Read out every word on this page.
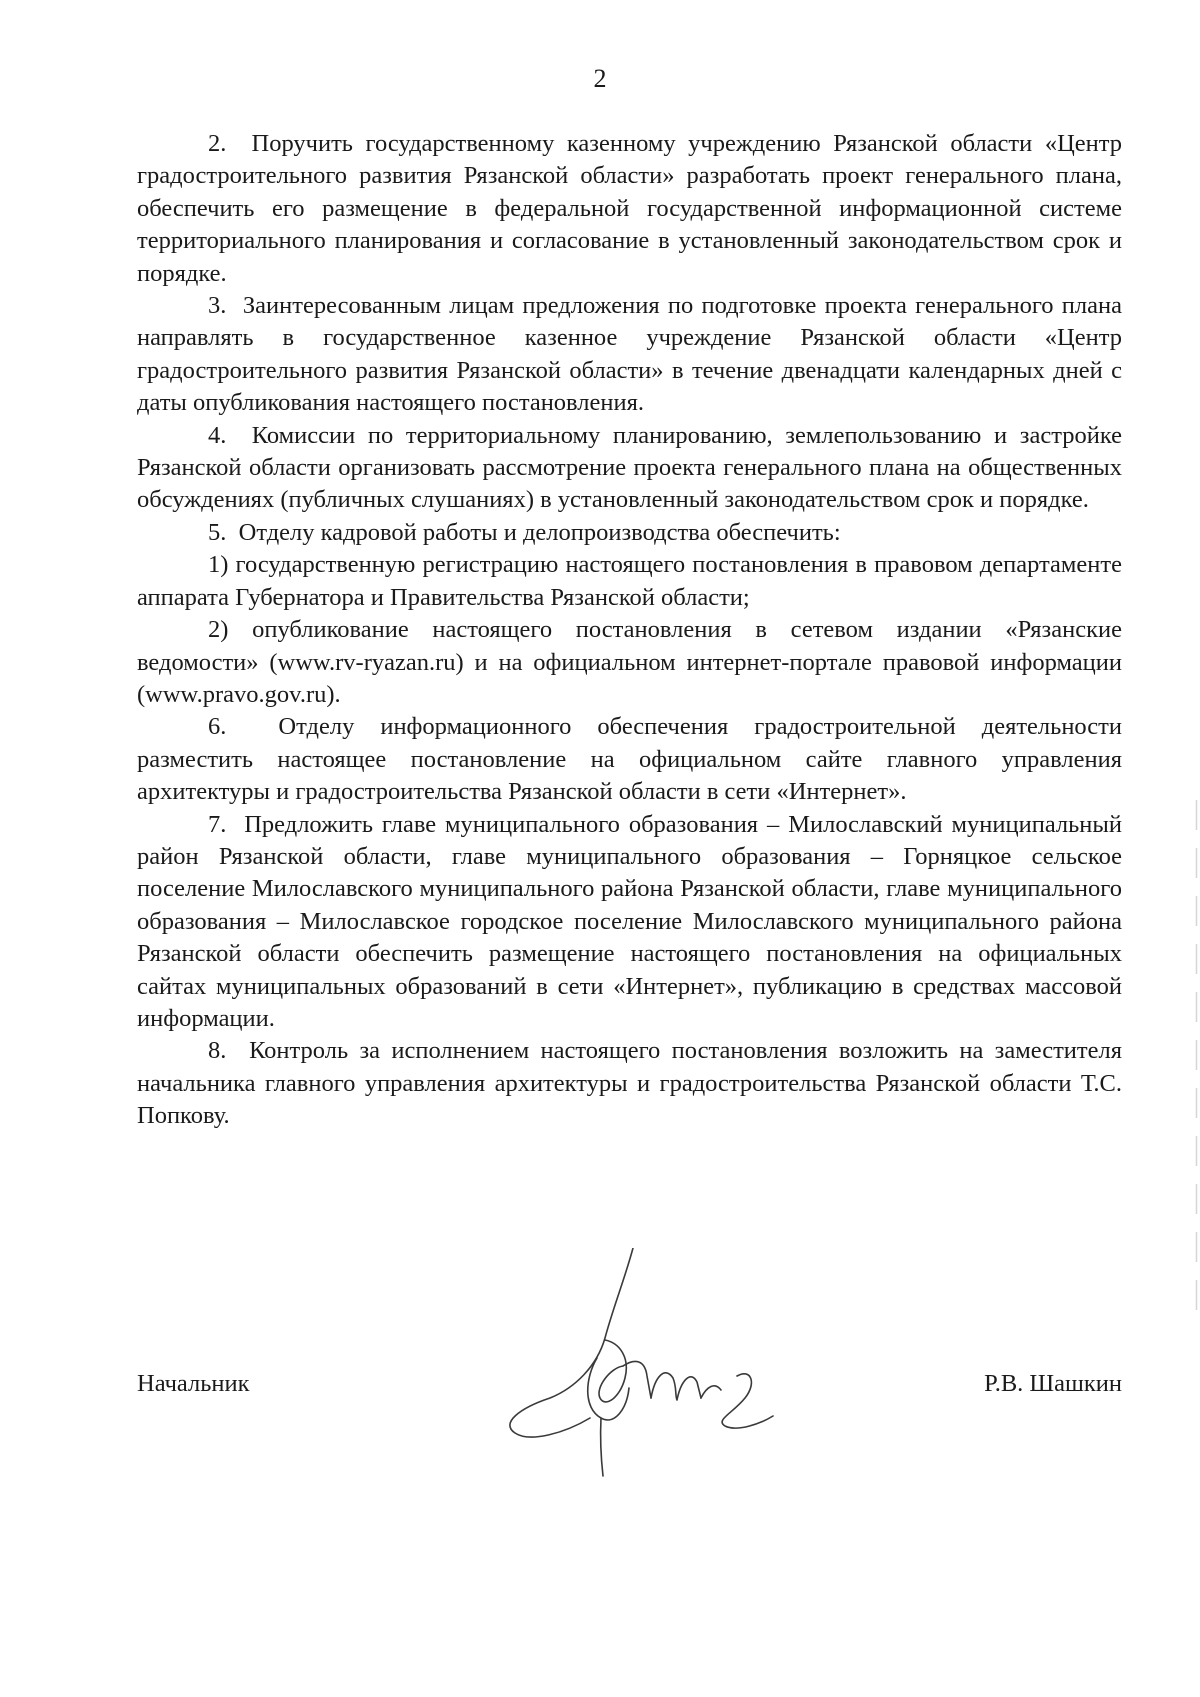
2

2.  Поручить государственному казенному учреждению Рязанской области «Центр градостроительного развития Рязанской области» разработать проект генерального плана, обеспечить его размещение в федеральной государственной информационной системе территориального планирования и согласование в установленный законодательством срок и порядке.

3.  Заинтересованным лицам предложения по подготовке проекта генерального плана направлять в государственное казенное учреждение Рязанской области «Центр градостроительного развития Рязанской области» в течение двенадцати календарных дней с даты опубликования настоящего постановления.

4.  Комиссии по территориальному планированию, землепользованию и застройке Рязанской области организовать рассмотрение проекта генерального плана на общественных обсуждениях (публичных слушаниях) в установленный законодательством срок и порядке.

5.  Отделу кадровой работы и делопроизводства обеспечить:

1) государственную регистрацию настоящего постановления в правовом департаменте аппарата Губернатора и Правительства Рязанской области;

2) опубликование настоящего постановления в сетевом издании «Рязанские ведомости» (www.rv-ryazan.ru) и на официальном интернет-портале правовой информации (www.pravo.gov.ru).

6.  Отделу информационного обеспечения градостроительной деятельности разместить настоящее постановление на официальном сайте главного управления архитектуры и градостроительства Рязанской области в сети «Интернет».

7.  Предложить главе муниципального образования – Милославский муниципальный район Рязанской области, главе муниципального образования – Горняцкое сельское поселение Милославского муниципального района Рязанской области, главе муниципального образования – Милославское городское поселение Милославского муниципального района Рязанской области обеспечить размещение настоящего постановления на официальных сайтах муниципальных образований в сети «Интернет», публикацию в средствах массовой информации.

8.  Контроль за исполнением настоящего постановления возложить на заместителя начальника главного управления архитектуры и градостроительства Рязанской области Т.С. Попкову.

Начальник	Р.В. Шашкин
